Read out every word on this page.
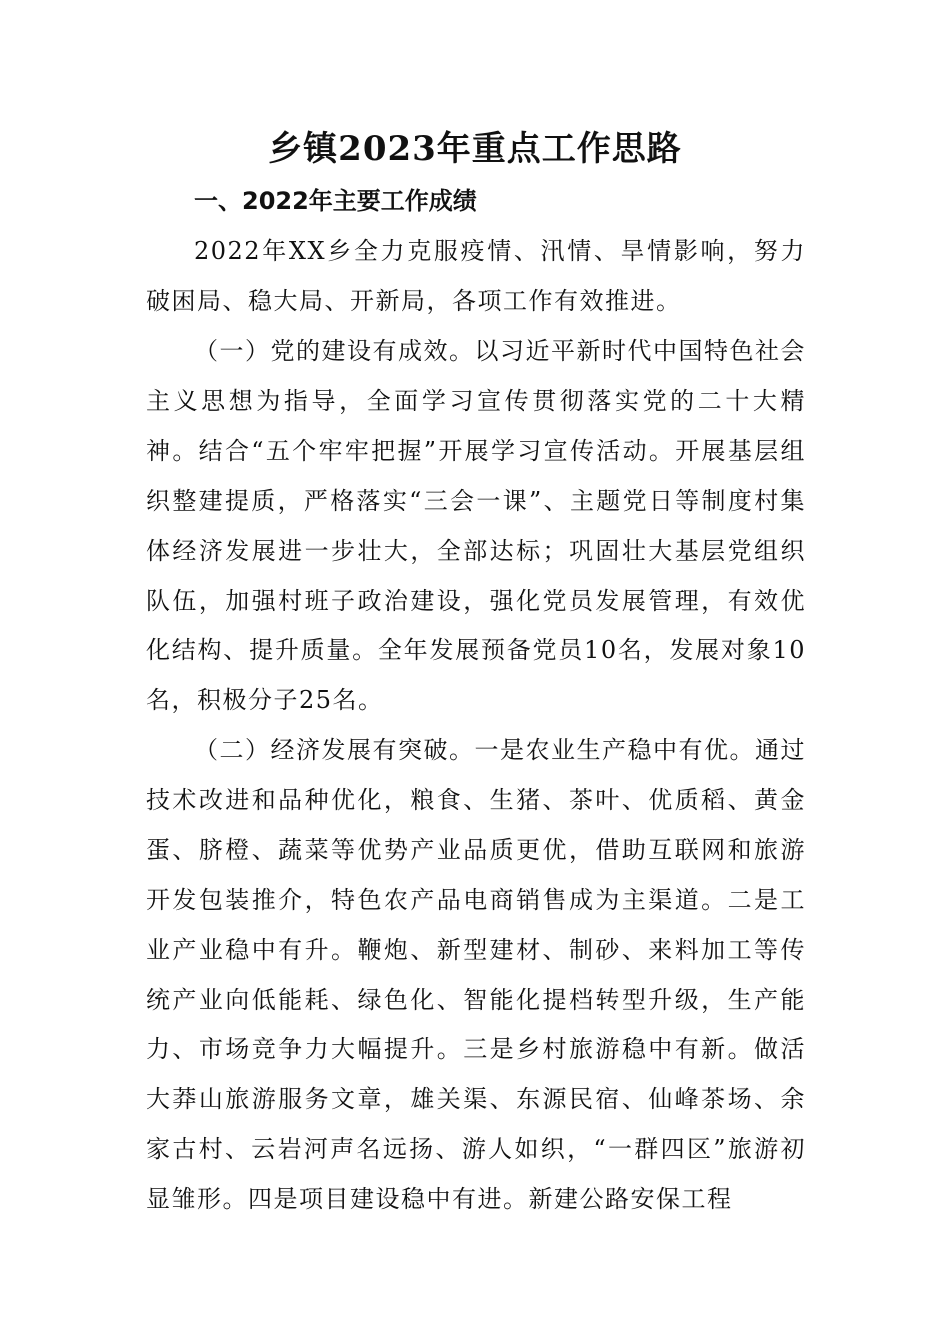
乡镇2023年重点工作思路
一、2022年主要工作成绩

2022年XX乡全力克服疫情、汛情、旱情影响，努力破困局、稳大局、开新局，各项工作有效推进。

（一）党的建设有成效。以习近平新时代中国特色社会主义思想为指导，全面学习宣传贯彻落实党的二十大精神。结合“五个牢牢把握”开展学习宣传活动。开展基层组织整建提质，严格落实“三会一课”、主题党日等制度村集体经济发展进一步壮大，全部达标；巩固壮大基层党组织队伍，加强村班子政治建设，强化党员发展管理，有效优化结构、提升质量。全年发展预备党员10名，发展对象10名，积极分子25名。

（二）经济发展有突破。一是农业生产稳中有优。通过技术改进和品种优化，粮食、生猪、茶叶、优质稻、黄金蛋、脐橙、蔬菜等优势产业品质更优，借助互联网和旅游开发包装推介，特色农产品电商销售成为主渠道。二是工业产业稳中有升。鞭炮、新型建材、制砂、来料加工等传统产业向低能耗、绿色化、智能化提档转型升级，生产能力、市场竞争力大幅提升。三是乡村旅游稳中有新。做活大莽山旅游服务文章，雄关渠、东源民宿、仙峰茶场、余家古村、云岩河声名远扬、游人如织，“一群四区”旅游初显雏形。四是项目建设稳中有进。新建公路安保工程
